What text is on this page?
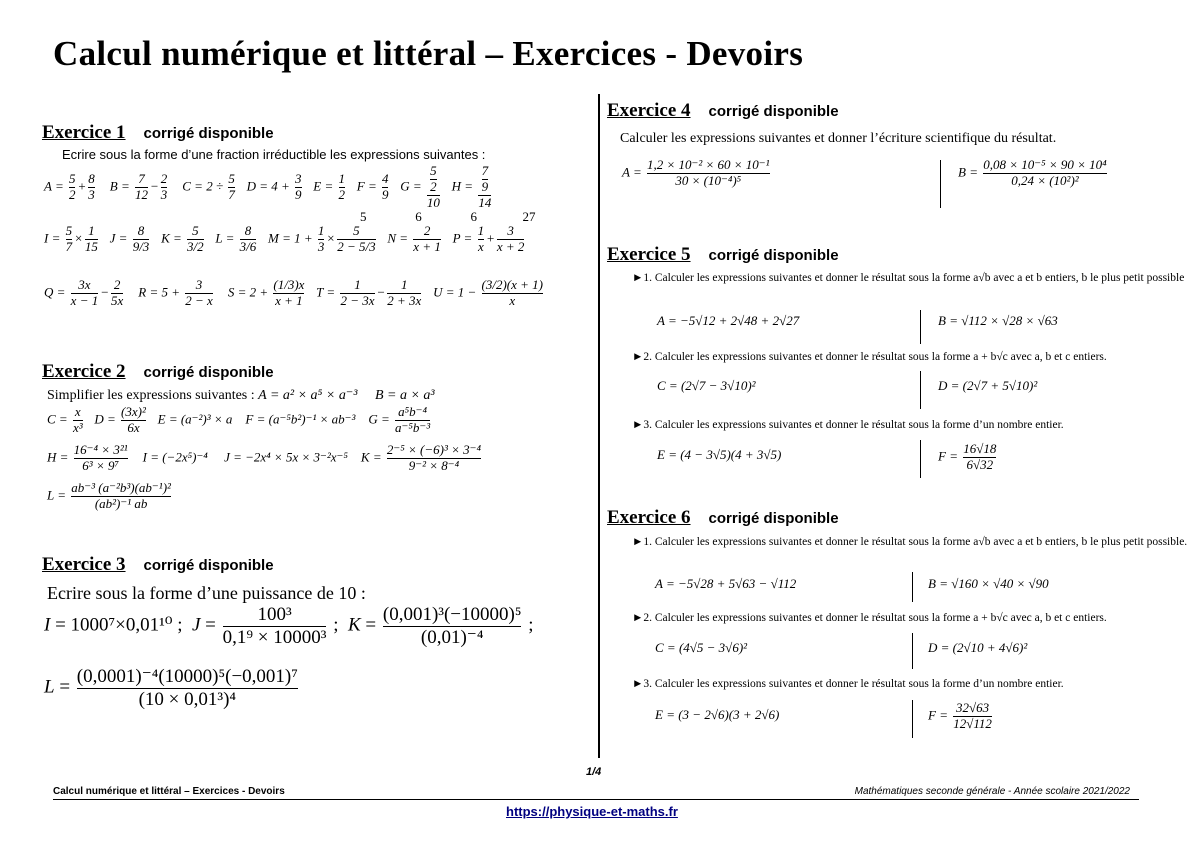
Calcul numérique et littéral – Exercices - Devoirs
Exercice 1 corrigé disponible
Ecrire sous la forme d’une fraction irréductible les expressions suivantes :
$A = \frac{5}{2} + \frac{8}{3}$ $B = \frac{7}{12} - \frac{2}{3}$ $C = 2 \div \frac{5}{7}$ $D = 4 + \frac{3}{9}$ $E = \frac{1}{2}$ $F = \frac{4}{9}$ $G = \frac{\frac{5}{2}}{10}$ $H = \frac{\frac{7}{9}}{14}$
5               6               6              27
$I = \frac{5}{7} \times \frac{1}{15}$ $J = \frac{8}{9/3}$ $K = \frac{5}{3/2}$ $L = \frac{8}{3/6}$ $M = 1 + \frac{1}{3} \times \frac{5}{2 - 5/3}$ $N = \frac{2}{x + 1}$ $P = \frac{1}{x} + \frac{3}{x + 2}$
$Q = \frac{3x}{x - 1} - \frac{2}{5x}$ $R = 5 + \frac{3}{2 - x}$ $S = 2 + \frac{(1/3)x}{x + 1}$ $T = \frac{1}{2 - 3x} - \frac{1}{2 + 3x}$ $U = 1 - \frac{(3/2)(x + 1)}{x}$
Exercice 2 corrigé disponible
Simplifier les expressions suivantes : A = a² × a⁵ × a⁻³     B = a × a³
$C = \frac{x}{\text{x³}}$ $D = \frac{\text{(3x)²}}{6x}$ E = (a⁻²)³ × a    F = (a⁻⁵b²)⁻¹ × ab⁻³    $G = \frac{\text{a⁵b⁻⁴}}{\text{a⁻⁵b⁻³}}$
$H = \frac{\text{16⁻⁴ × 3²¹}}{\text{6³ × 9⁷}}$ I = (−2x⁵)⁻⁴     J = −2x⁴ × 5x × 3⁻²x⁻⁵    $K = \frac{\text{2⁻⁵ × (−6)³ × 3⁻⁴}}{\text{9⁻² × 8⁻⁴}}$
$L = \frac{\text{ab⁻³ (a⁻²b³)(ab⁻¹)²}}{\text{(ab²)⁻¹ ab}}$
Exercice 3 corrigé disponible
Ecrire sous la forme d’une puissance de 10 :
I = 1000⁷×0,01¹⁰ ;  $J = \frac{\text{100³}}{\text{0,1⁹ × 10000³}}$ ;  $K = \frac{\text{(0,001)³(−10000)⁵}}{\text{(0,01)⁻⁴}}$ ;
$L = \frac{\text{(0,0001)⁻⁴(10000)⁵(−0,001)⁷}}{\text{(10 × 0,01³)⁴}}$
Exercice 4 corrigé disponible
Calculer les expressions suivantes et donner l’écriture scientifique du résultat.
$A = \frac{\text{1,2 × 10⁻² × 60 × 10⁻¹}}{\text{30 × (10⁻⁴)⁵}}$	$B = \frac{\text{0,08 × 10⁻⁵ × 90 × 10⁴}}{\text{0,24 × (10²)²}}$
Exercice 5 corrigé disponible
►1. Calculer les expressions suivantes et donner le résultat sous la forme a√b avec a et b entiers, b le plus petit possible
A = −5√12 + 2√48 + 2√27	B = √112 × √28 × √63
►2. Calculer les expressions suivantes et donner le résultat sous la forme a + b√c avec a, b et c entiers.
C = (2√7 − 3√10)²	D = (2√7 + 5√10)²
►3. Calculer les expressions suivantes et donner le résultat sous la forme d’un nombre entier.
E = (4 − 3√5)(4 + 3√5)	$F = \frac{16√18}{6√32}$
Exercice 6 corrigé disponible
►1. Calculer les expressions suivantes et donner le résultat sous la forme a√b avec a et b entiers, b le plus petit possible.
A = −5√28 + 5√63 − √112	B = √160 × √40 × √90
►2. Calculer les expressions suivantes et donner le résultat sous la forme a + b√c avec a, b et c entiers.
C = (4√5 − 3√6)²	D = (2√10 + 4√6)²
►3. Calculer les expressions suivantes et donner le résultat sous la forme d’un nombre entier.
E = (3 − 2√6)(3 + 2√6)	$F = \frac{32√63}{12√112}$
1/4
Calcul numérique et littéral – Exercices - Devoirs	Mathématiques seconde générale - Année scolaire 2021/2022
https://physique-et-maths.fr
